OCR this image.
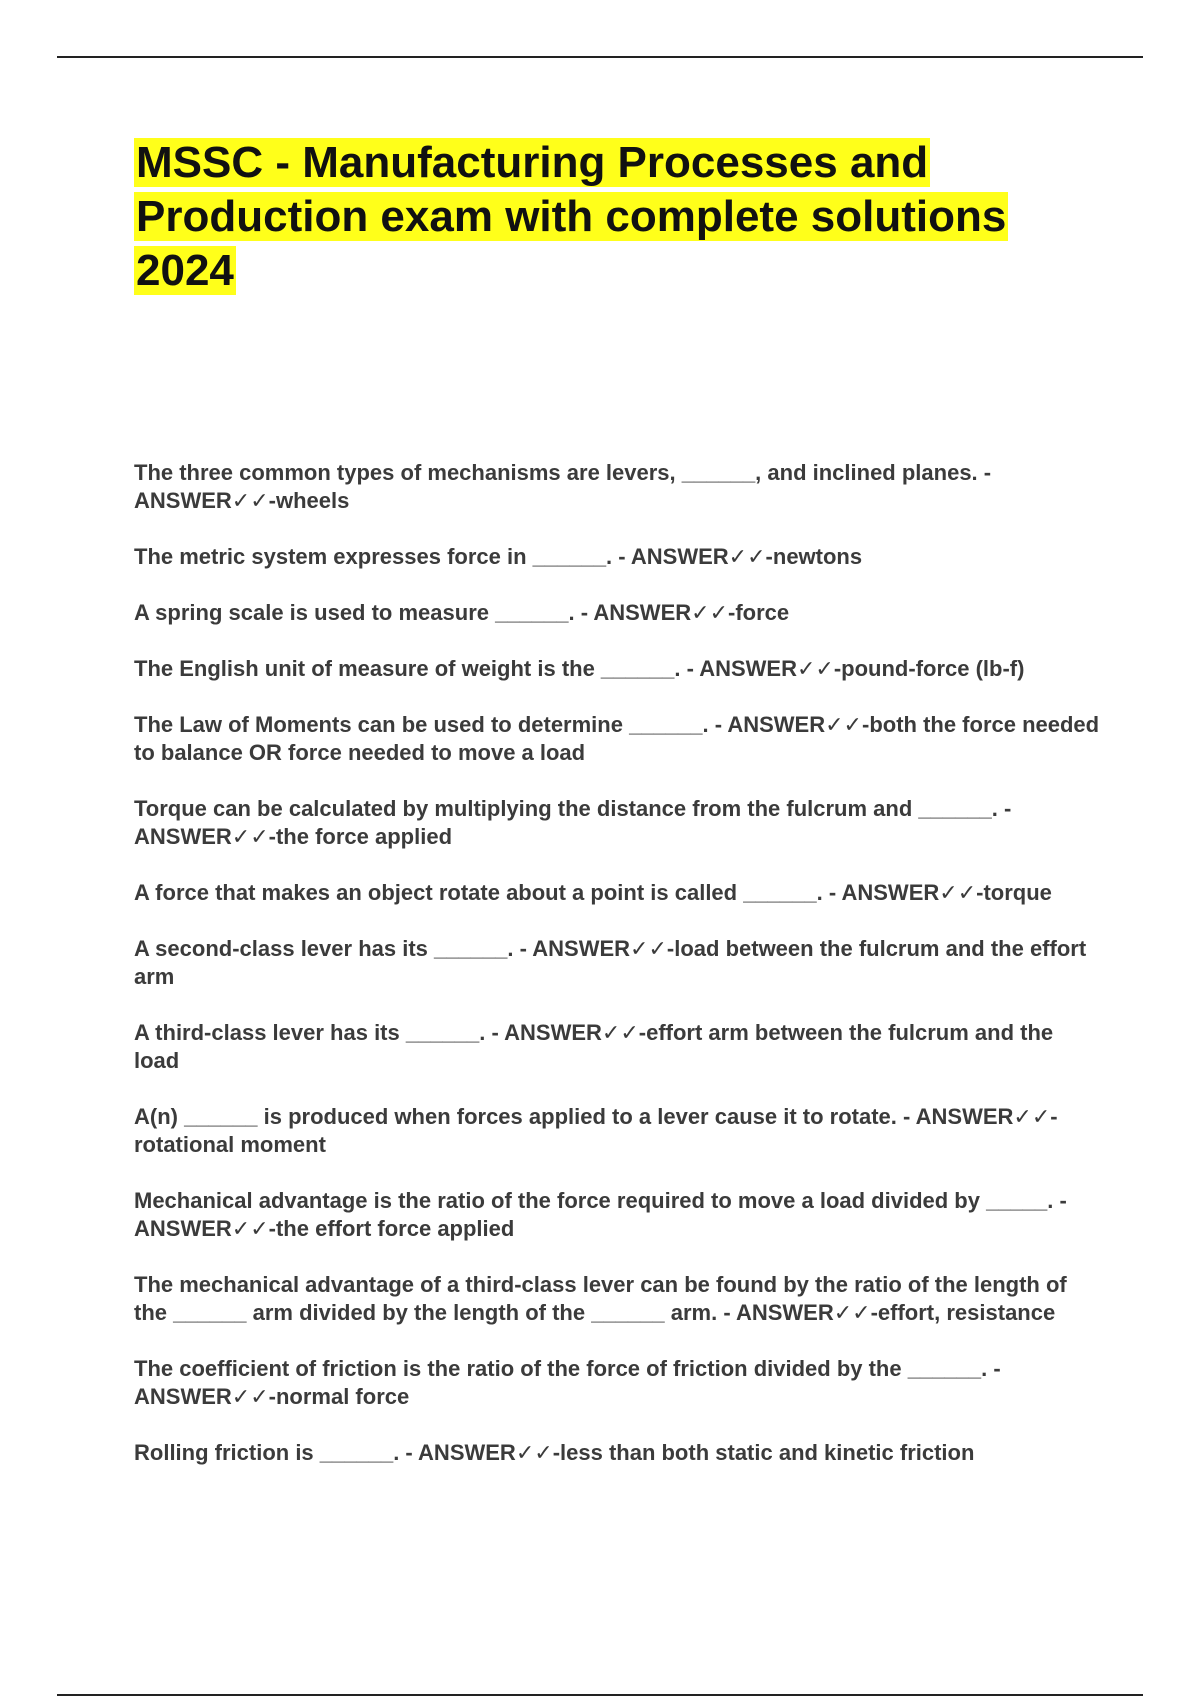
MSSC - Manufacturing Processes and Production exam with complete solutions 2024
The three common types of mechanisms are levers, ______, and inclined planes. - ANSWER✓✓-wheels
The metric system expresses force in ______. - ANSWER✓✓-newtons
A spring scale is used to measure ______. - ANSWER✓✓-force
The English unit of measure of weight is the ______. - ANSWER✓✓-pound-force (lb-f)
The Law of Moments can be used to determine ______. - ANSWER✓✓-both the force needed to balance OR force needed to move a load
Torque can be calculated by multiplying the distance from the fulcrum and ______. - ANSWER✓✓-the force applied
A force that makes an object rotate about a point is called ______. - ANSWER✓✓-torque
A second-class lever has its ______. - ANSWER✓✓-load between the fulcrum and the effort arm
A third-class lever has its ______. - ANSWER✓✓-effort arm between the fulcrum and the load
A(n) ______ is produced when forces applied to a lever cause it to rotate. - ANSWER✓✓-rotational moment
Mechanical advantage is the ratio of the force required to move a load divided by _____. - ANSWER✓✓-the effort force applied
The mechanical advantage of a third-class lever can be found by the ratio of the length of the ______ arm divided by the length of the ______ arm. - ANSWER✓✓-effort, resistance
The coefficient of friction is the ratio of the force of friction divided by the ______. - ANSWER✓✓-normal force
Rolling friction is ______. - ANSWER✓✓-less than both static and kinetic friction
